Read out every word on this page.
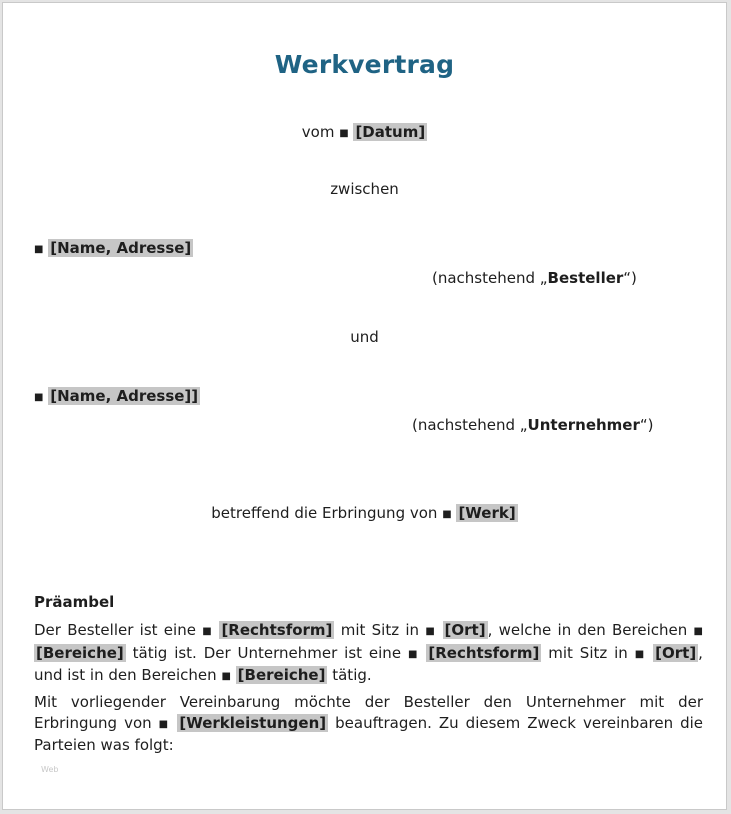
Werkvertrag
vom ■ [Datum]
zwischen
■ [Name, Adresse]
(nachstehend „Besteller“)
und
■ [Name, Adresse]]
(nachstehend „Unternehmer“)
betreffend die Erbringung von ■ [Werk]
Präambel
Der Besteller ist eine ■ [Rechtsform] mit Sitz in ■ [Ort] , welche in den Bereichen ■ [Bereiche] tätig ist. Der Unternehmer ist eine ■ [Rechtsform] mit Sitz in ■ [Ort] , und ist in den Bereichen ■ [Bereiche] tätig.
Mit vorliegender Vereinbarung möchte der Besteller den Unternehmer mit der Erbringung von ■ [Werkleistungen] beauftragen. Zu diesem Zweck vereinbaren die Parteien was folgt:
Web
